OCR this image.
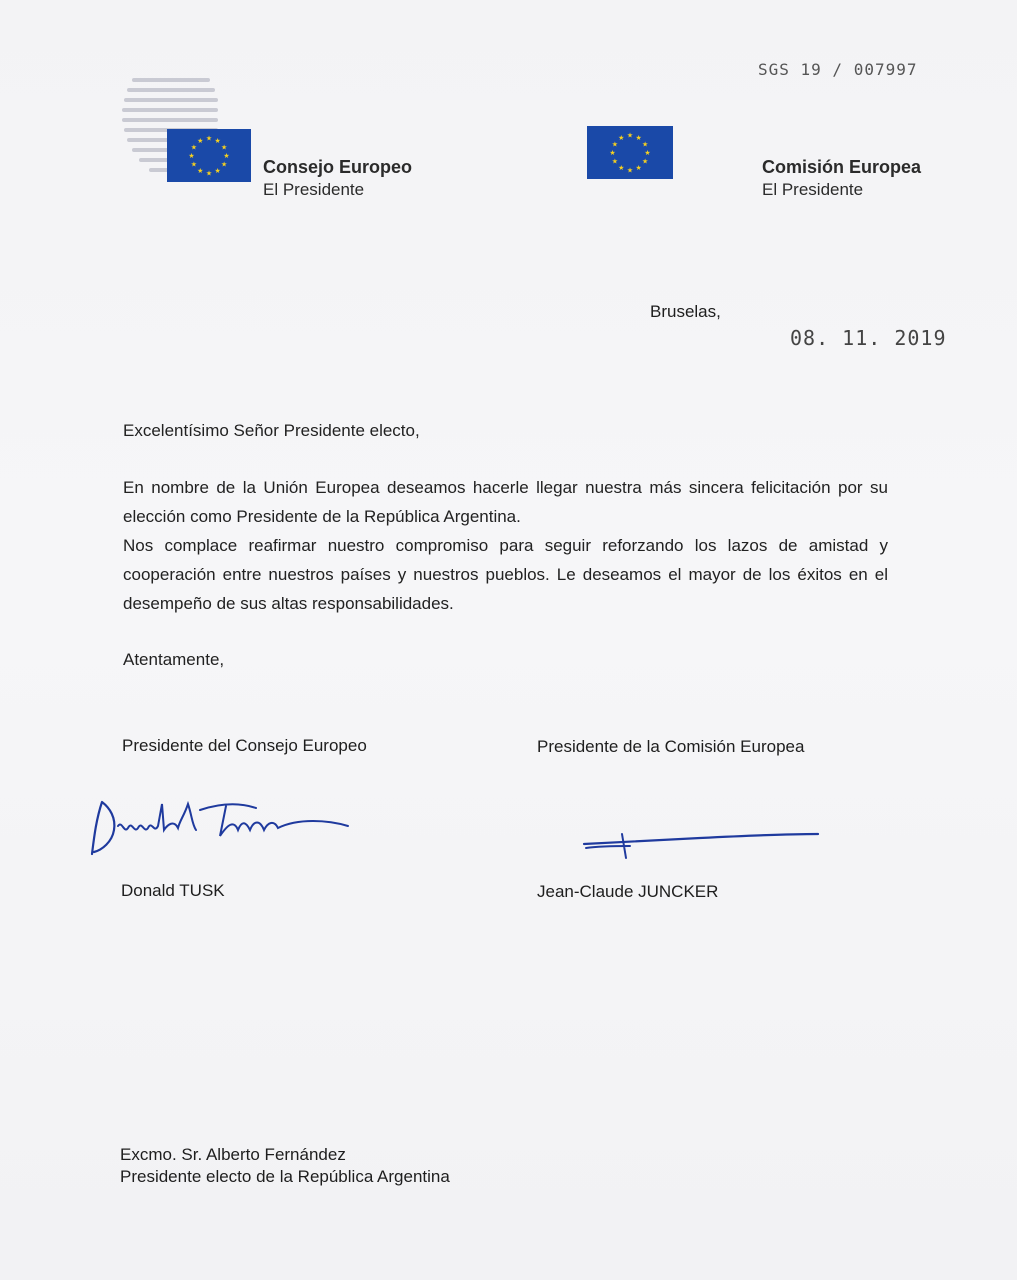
SGS 19 / 007997
★ ★
★
★
★
★
★
★
★
★
★
★
Consejo Europeo
El Presidente
★ ★
★
★
★
★
★
★
★
★
★
★
Comisión Europea
El Presidente
Bruselas,
08. 11. 2019
Excelentísimo Señor Presidente electo,
En nombre de la Unión Europea deseamos hacerle llegar nuestra más sincera felicitación por su elección como Presidente de la República Argentina.
Nos complace reafirmar nuestro compromiso para seguir reforzando los lazos de amistad y cooperación entre nuestros países y nuestros pueblos. Le deseamos el mayor de los éxitos en el desempeño de sus altas responsabilidades.
Atentamente,
Presidente del Consejo Europeo	Presidente de la Comisión Europea
Donald TUSK	Jean-Claude JUNCKER
Excmo. Sr. Alberto Fernández
Presidente electo de la República Argentina
